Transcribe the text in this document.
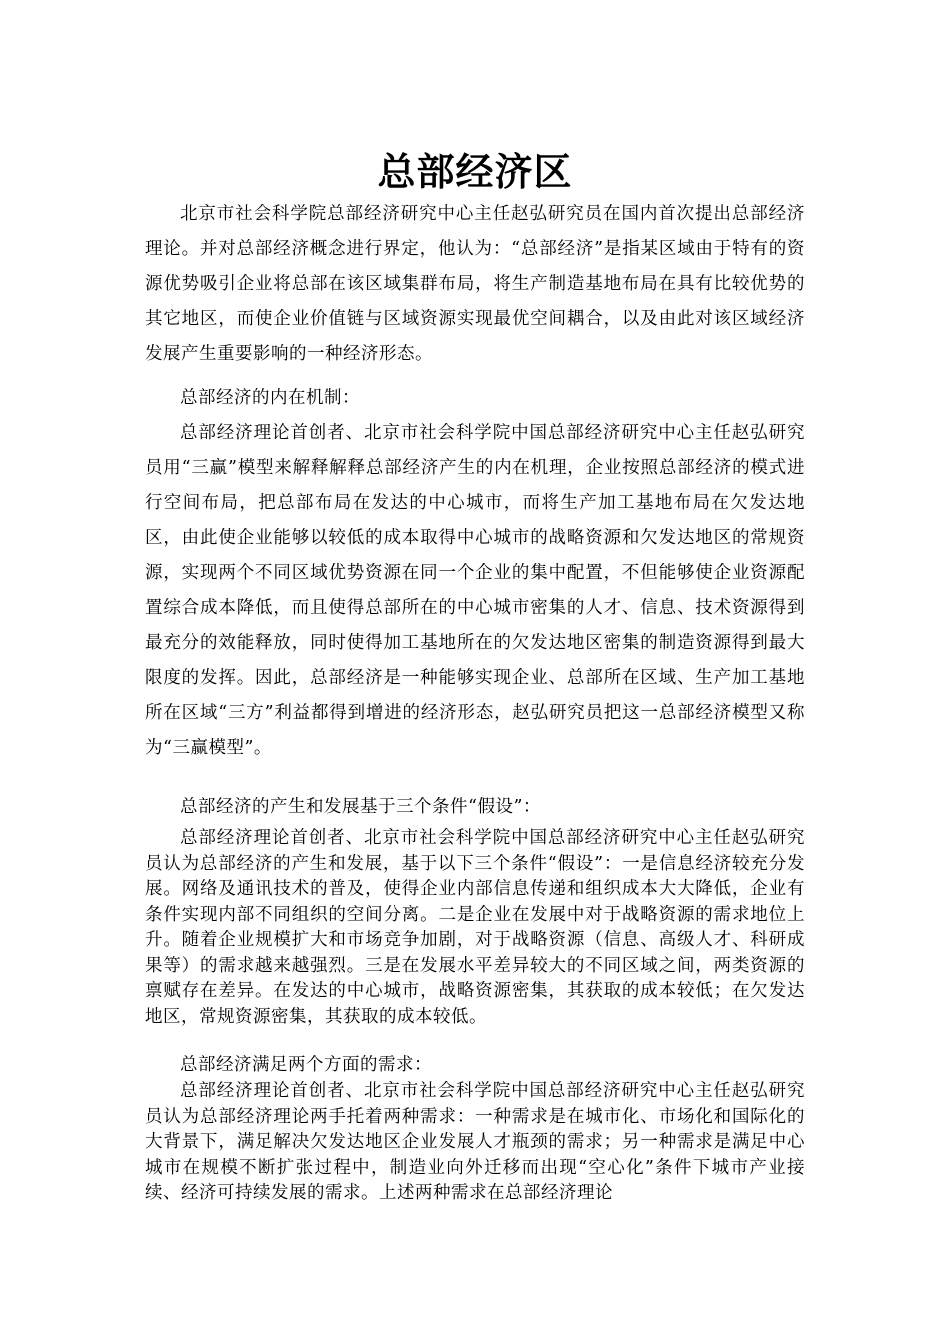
总部经济区

北京市社会科学院总部经济研究中心主任赵弘研究员在国内首次提出总部经济理论。并对总部经济概念进行界定，他认为：“总部经济”是指某区域由于特有的资源优势吸引企业将总部在该区域集群布局，将生产制造基地布局在具有比较优势的其它地区，而使企业价值链与区域资源实现最优空间耦合，以及由此对该区域经济发展产生重要影响的一种经济形态。

总部经济的内在机制：

总部经济理论首创者、北京市社会科学院中国总部经济研究中心主任赵弘研究员用“三赢”模型来解释解释总部经济产生的内在机理，企业按照总部经济的模式进行空间布局，把总部布局在发达的中心城市，而将生产加工基地布局在欠发达地区，由此使企业能够以较低的成本取得中心城市的战略资源和欠发达地区的常规资源，实现两个不同区域优势资源在同一个企业的集中配置，不但能够使企业资源配置综合成本降低，而且使得总部所在的中心城市密集的人才、信息、技术资源得到最充分的效能释放，同时使得加工基地所在的欠发达地区密集的制造资源得到最大限度的发挥。因此，总部经济是一种能够实现企业、总部所在区域、生产加工基地所在区域“三方”利益都得到增进的经济形态，赵弘研究员把这一总部经济模型又称为“三赢模型”。

总部经济的产生和发展基于三个条件“假设”：

总部经济理论首创者、北京市社会科学院中国总部经济研究中心主任赵弘研究员认为总部经济的产生和发展，基于以下三个条件“假设”：一是信息经济较充分发展。网络及通讯技术的普及，使得企业内部信息传递和组织成本大大降低，企业有条件实现内部不同组织的空间分离。二是企业在发展中对于战略资源的需求地位上升。随着企业规模扩大和市场竞争加剧，对于战略资源（信息、高级人才、科研成果等）的需求越来越强烈。三是在发展水平差异较大的不同区域之间，两类资源的禀赋存在差异。在发达的中心城市，战略资源密集，其获取的成本较低；在欠发达地区，常规资源密集，其获取的成本较低。

总部经济满足两个方面的需求：

总部经济理论首创者、北京市社会科学院中国总部经济研究中心主任赵弘研究员认为总部经济理论两手托着两种需求：一种需求是在城市化、市场化和国际化的大背景下，满足解决欠发达地区企业发展人才瓶颈的需求；另一种需求是满足中心城市在规模不断扩张过程中，制造业向外迁移而出现“空心化”条件下城市产业接续、经济可持续发展的需求。上述两种需求在总部经济理论
